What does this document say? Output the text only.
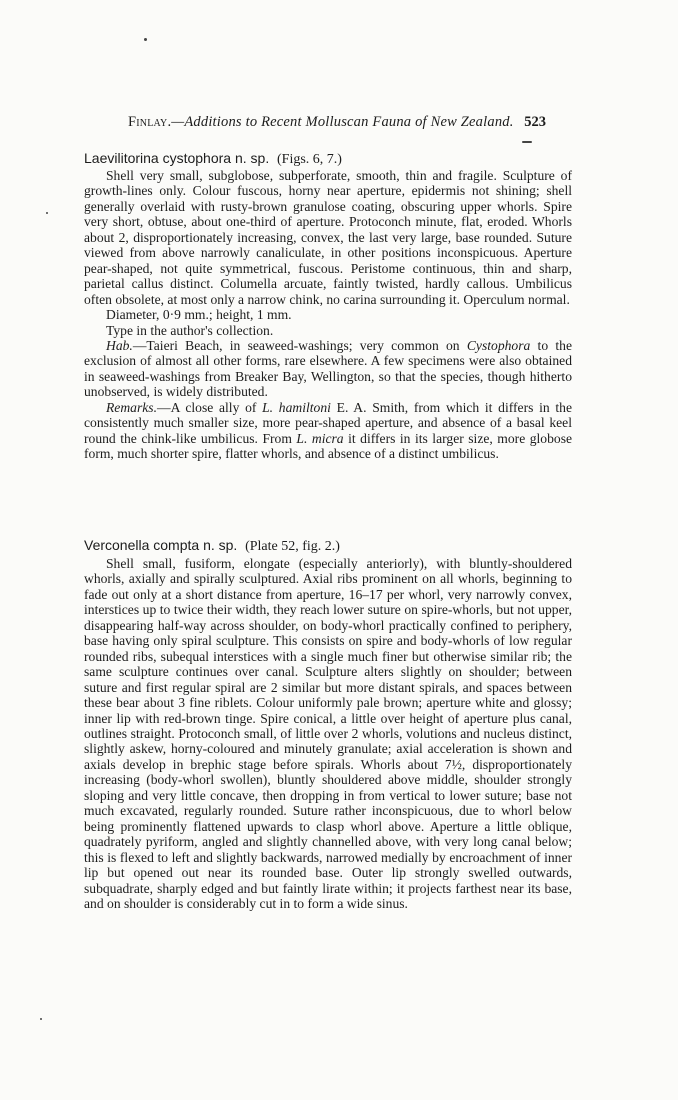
Finlay.—Additions to Recent Molluscan Fauna of New Zealand. 523
Laevilitorina cystophora n. sp. (Figs. 6, 7.)

Shell very small, subglobose, subperforate, smooth, thin and fragile. Sculpture of growth-lines only. Colour fuscous, horny near aperture, epidermis not shining; shell generally overlaid with rusty-brown granulose coating, obscuring upper whorls. Spire very short, obtuse, about one-third of aperture. Protoconch minute, flat, eroded. Whorls about 2, disproportionately increasing, convex, the last very large, base rounded. Suture viewed from above narrowly canaliculate, in other positions inconspicuous. Aperture pear-shaped, not quite symmetrical, fuscous. Peristome continuous, thin and sharp, parietal callus distinct. Columella arcuate, faintly twisted, hardly callous. Umbilicus often obsolete, at most only a narrow chink, no carina surrounding it. Operculum normal.

Diameter, 0·9 mm.; height, 1 mm.

Type in the author's collection.

Hab.—Taieri Beach, in seaweed-washings; very common on Cystophora to the exclusion of almost all other forms, rare elsewhere. A few specimens were also obtained in seaweed-washings from Breaker Bay, Wellington, so that the species, though hitherto unobserved, is widely distributed.

Remarks.—A close ally of L. hamiltoni E. A. Smith, from which it differs in the consistently much smaller size, more pear-shaped aperture, and absence of a basal keel round the chink-like umbilicus. From L. micra it differs in its larger size, more globose form, much shorter spire, flatter whorls, and absence of a distinct umbilicus.

Verconella compta n. sp. (Plate 52, fig. 2.)

Shell small, fusiform, elongate (especially anteriorly), with bluntly-shouldered whorls, axially and spirally sculptured. Axial ribs prominent on all whorls, beginning to fade out only at a short distance from aperture, 16–17 per whorl, very narrowly convex, interstices up to twice their width, they reach lower suture on spire-whorls, but not upper, disappearing half-way across shoulder, on body-whorl practically confined to periphery, base having only spiral sculpture. This consists on spire and body-whorls of low regular rounded ribs, subequal interstices with a single much finer but otherwise similar rib; the same sculpture continues over canal. Sculpture alters slightly on shoulder; between suture and first regular spiral are 2 similar but more distant spirals, and spaces between these bear about 3 fine riblets. Colour uniformly pale brown; aperture white and glossy; inner lip with red-brown tinge. Spire conical, a little over height of aperture plus canal, outlines straight. Protoconch small, of little over 2 whorls, volutions and nucleus distinct, slightly askew, horny-coloured and minutely granulate; axial acceleration is shown and axials develop in brephic stage before spirals. Whorls about 7½, disproportionately increasing (body-whorl swollen), bluntly shouldered above middle, shoulder strongly sloping and very little concave, then dropping in from vertical to lower suture; base not much excavated, regularly rounded. Suture rather inconspicuous, due to whorl below being prominently flattened upwards to clasp whorl above. Aperture a little oblique, quadrately pyriform, angled and slightly channelled above, with very long canal below; this is flexed to left and slightly backwards, narrowed medially by encroachment of inner lip but opened out near its rounded base. Outer lip strongly swelled outwards, subquadrate, sharply edged and but faintly lirate within; it projects farthest near its base, and on shoulder is considerably cut in to form a wide sinus.
